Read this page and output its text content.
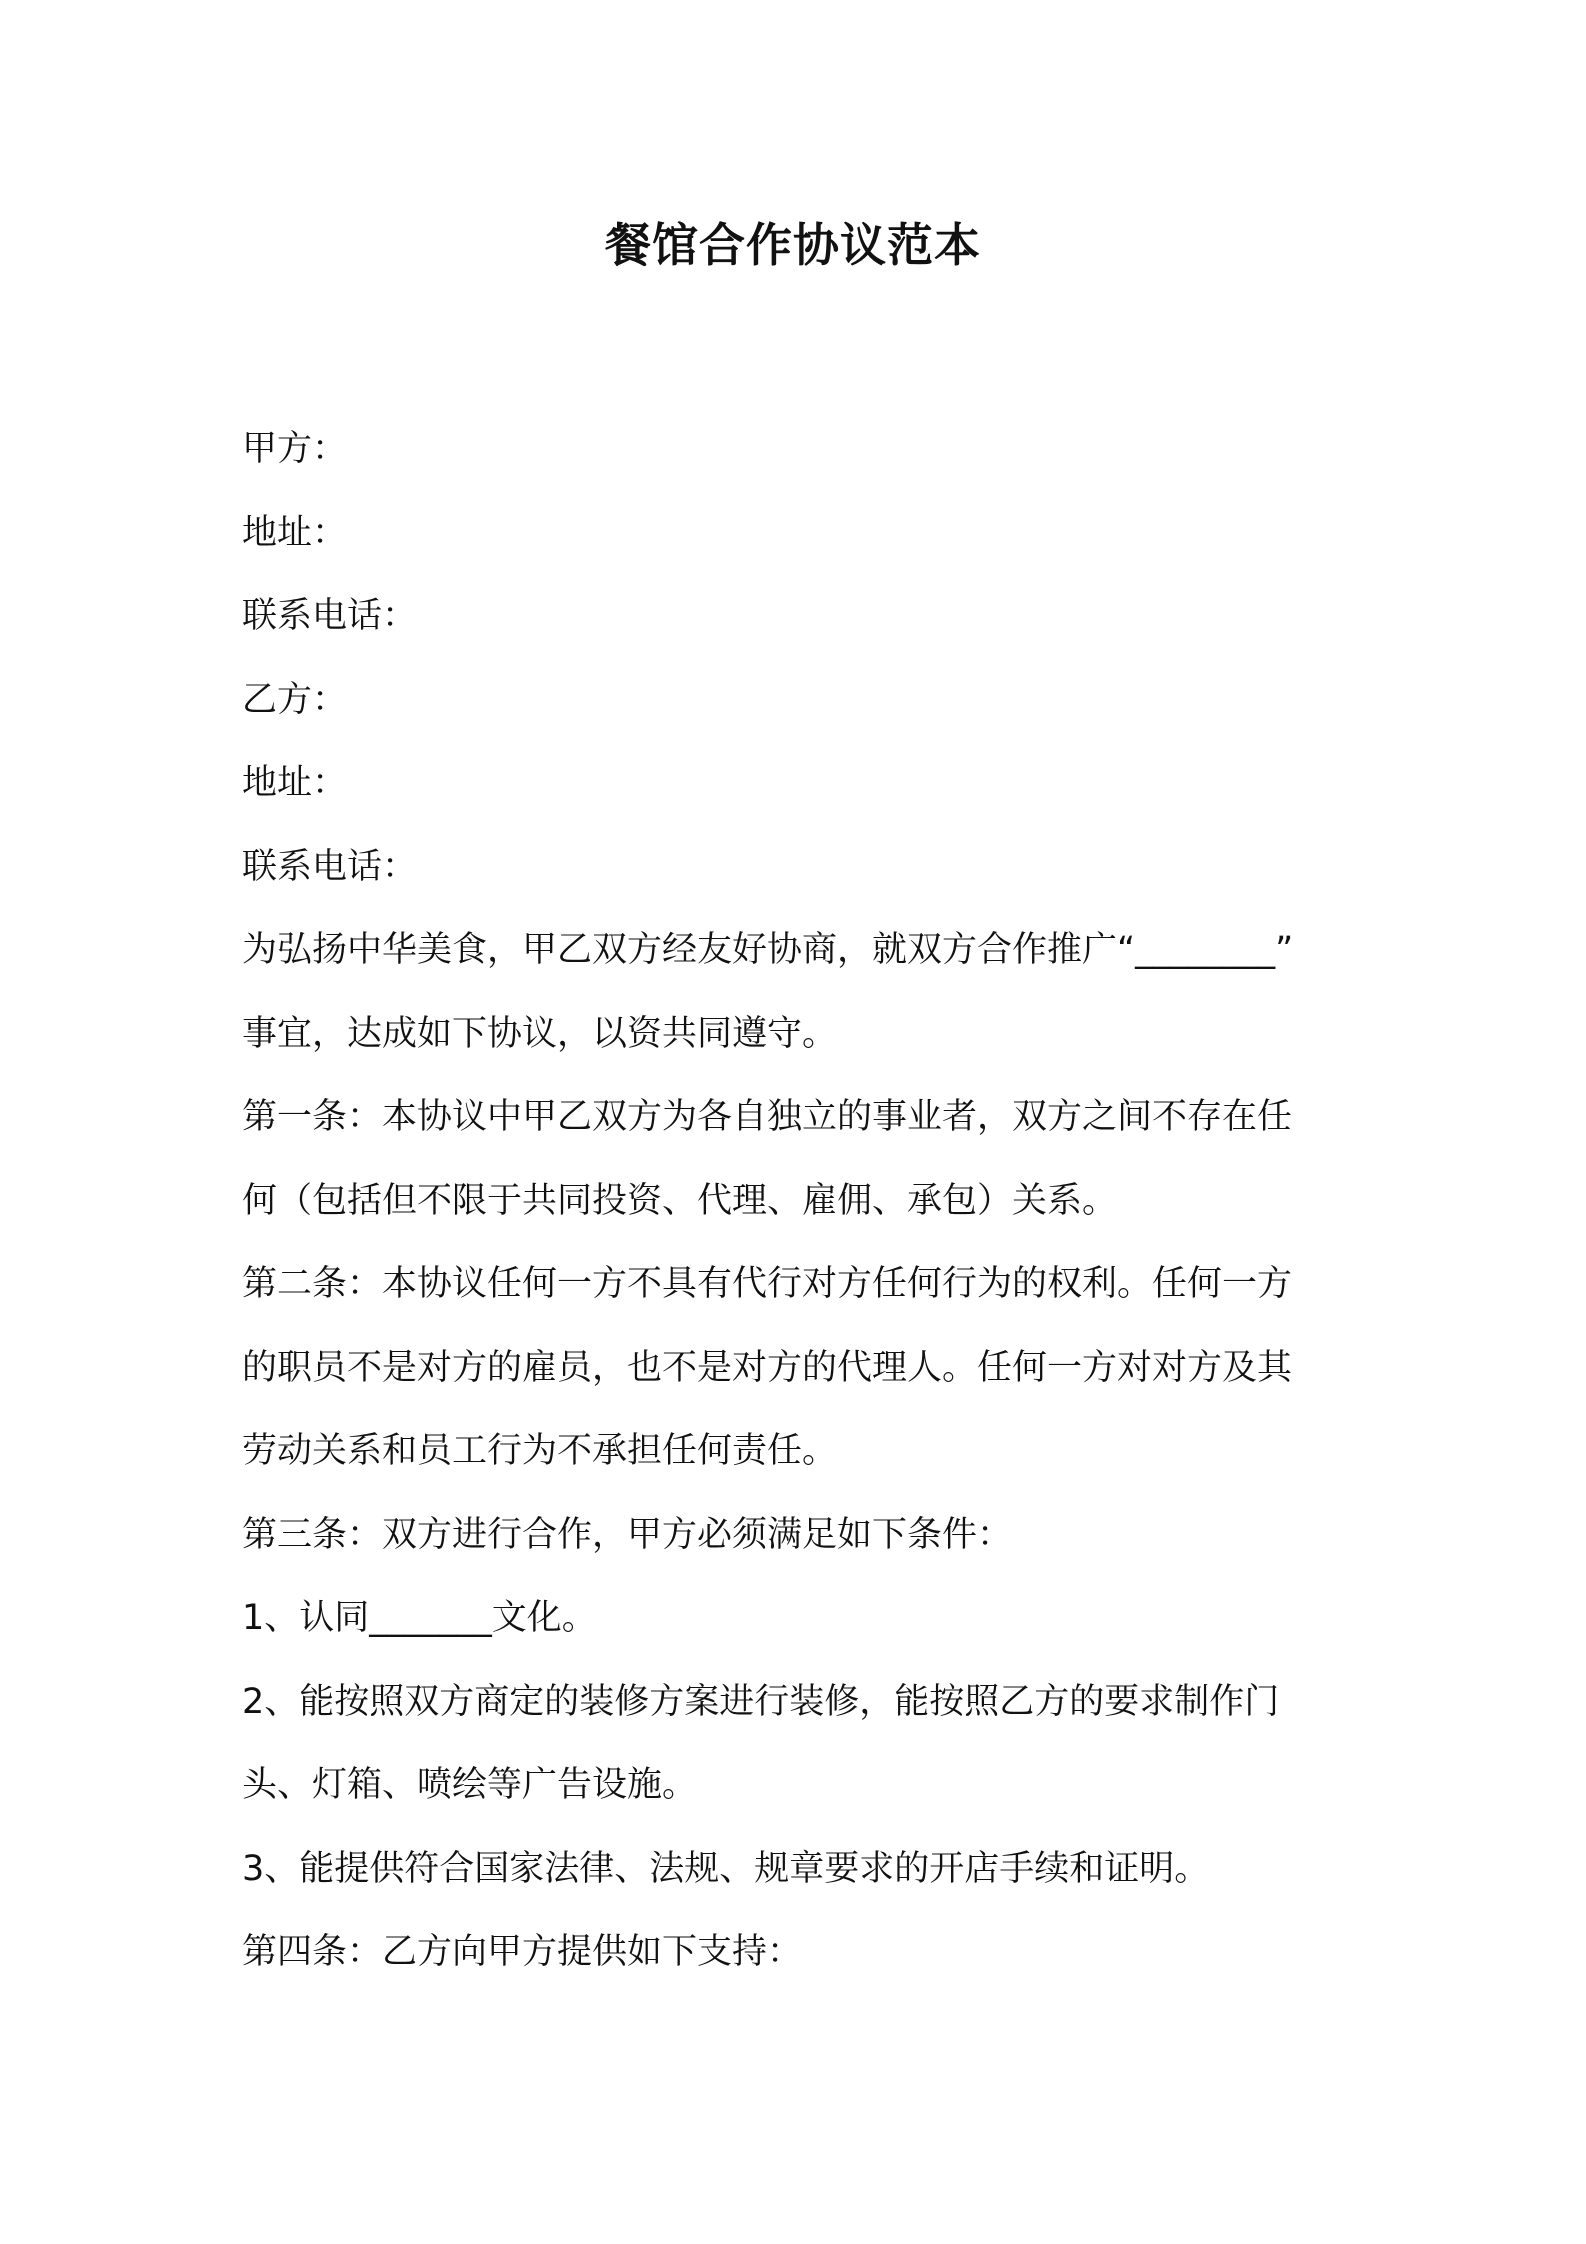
餐馆合作协议范本
甲方：
地址：
联系电话：
乙方：
地址：
联系电话：
为弘扬中华美食，甲乙双方经友好协商，就双方合作推广“________”
事宜，达成如下协议，以资共同遵守。
第一条：本协议中甲乙双方为各自独立的事业者，双方之间不存在任
何（包括但不限于共同投资、代理、雇佣、承包）关系。
第二条：本协议任何一方不具有代行对方任何行为的权利。任何一方
的职员不是对方的雇员，也不是对方的代理人。任何一方对对方及其
劳动关系和员工行为不承担任何责任。
第三条：双方进行合作，甲方必须满足如下条件：
1、认同_______文化。
2、能按照双方商定的装修方案进行装修，能按照乙方的要求制作门
头、灯箱、喷绘等广告设施。
3、能提供符合国家法律、法规、规章要求的开店手续和证明。
第四条：乙方向甲方提供如下支持：
